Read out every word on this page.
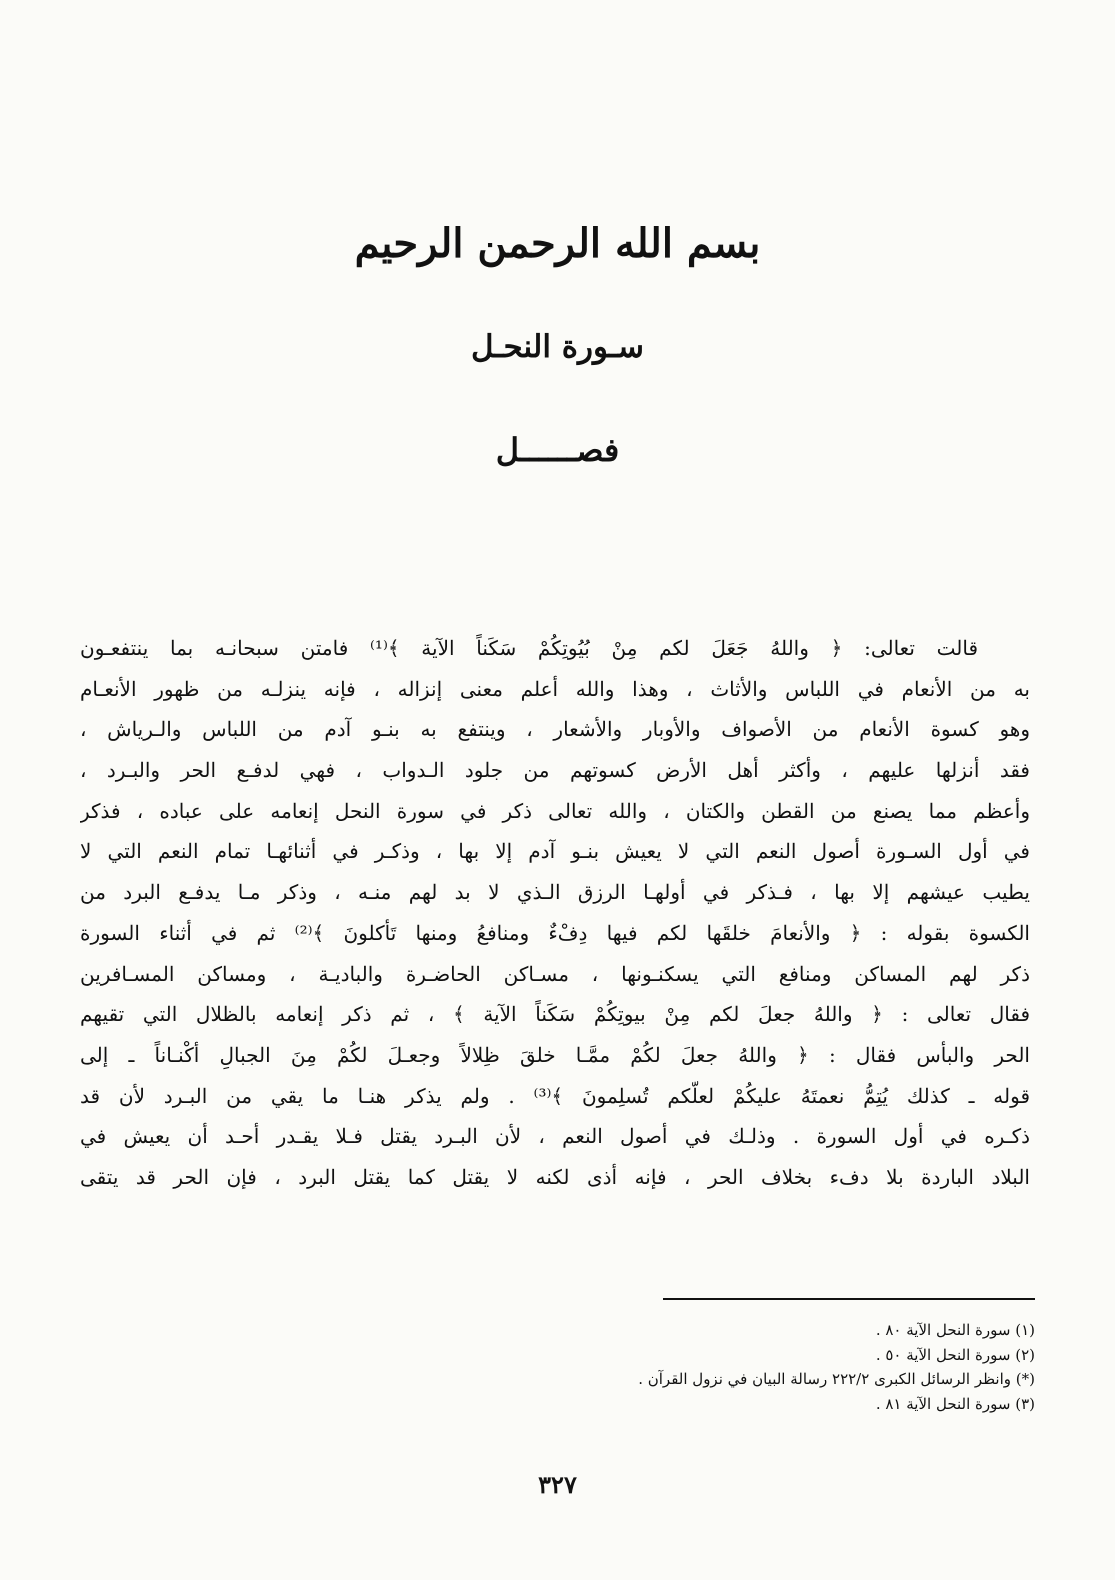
بسم الله الرحمن الرحيم
سـورة النحـل
فصــــــل
قالت تعالى: ﴿ واللهُ جَعَلَ لكم مِنْ بُيُوتِكُمْ سَكَناً الآية ﴾⁽¹⁾ فامتن سبحانـه بما ينتفعـون
به من الأنعام في اللباس والأثاث ، وهذا والله أعلم معنى إنزاله ، فإنه ينزلـه من ظهور الأنعـام
وهو كسوة الأنعام من الأصواف والأوبار والأشعار ، وينتفع به بنـو آدم من اللباس والـرياش ،
فقد أنزلها عليهم ، وأكثر أهل الأرض كسوتهم من جلود الـدواب ، فهي لدفـع الحر والبـرد ،
وأعظم مما يصنع من القطن والكتان ، والله تعالى ذكر في سورة النحل إنعامه على عباده ، فذكر
في أول السـورة أصول النعم التي لا يعيش بنـو آدم إلا بها ، وذكـر في أثنائهـا تمام النعم التي لا
يطيب عيشهم إلا بها ، فـذكر في أولهـا الرزق الـذي لا بد لهم منـه ، وذكر مـا يدفـع البرد من
الكسوة بقوله : ﴿ والأنعامَ خلقَها لكم فيها دِفْءٌ ومنافعُ ومنها تَأكلونَ ﴾⁽²⁾ ثم في أثناء السورة
ذكر لهم المساكن ومنافع التي يسكنـونها ، مسـاكن الحاضـرة والباديـة ، ومساكن المسـافرين
فقال تعالى : ﴿ واللهُ جعلَ لكم مِنْ بيوتِكُمْ سَكَناً الآية ﴾ ، ثم ذكر إنعامه بالظلال التي تقيهم
الحر والبأس فقال : ﴿ واللهُ جعلَ لكُمْ ممَّـا خلقَ ظِلالاً وجعـلَ لكُمْ مِنَ الجبالِ أكْنـاناً ـ إلى
قوله ـ كذلك يُتِمُّ نعمتَهُ عليكُمْ لعلّكم تُسلِمونَ ﴾⁽³⁾ . ولم يذكر هنـا ما يقي من البـرد لأن قد
ذكـره في أول السورة . وذلـك في أصول النعم ، لأن البـرد يقتل فـلا يقـدر أحـد أن يعيش في
البلاد الباردة بلا دفء بخلاف الحر ، فإنه أذى لكنه لا يقتل كما يقتل البرد ، فإن الحر قد يتقى
(١) سورة النحل الآية ٨٠ .
(٢) سورة النحل الآية ٥٠ .
(*) وانظر الرسائل الكبرى ٢٢٢/٢ رسالة البيان في نزول القرآن .
(٣) سورة النحل الآية ٨١ .
٣٢٧
